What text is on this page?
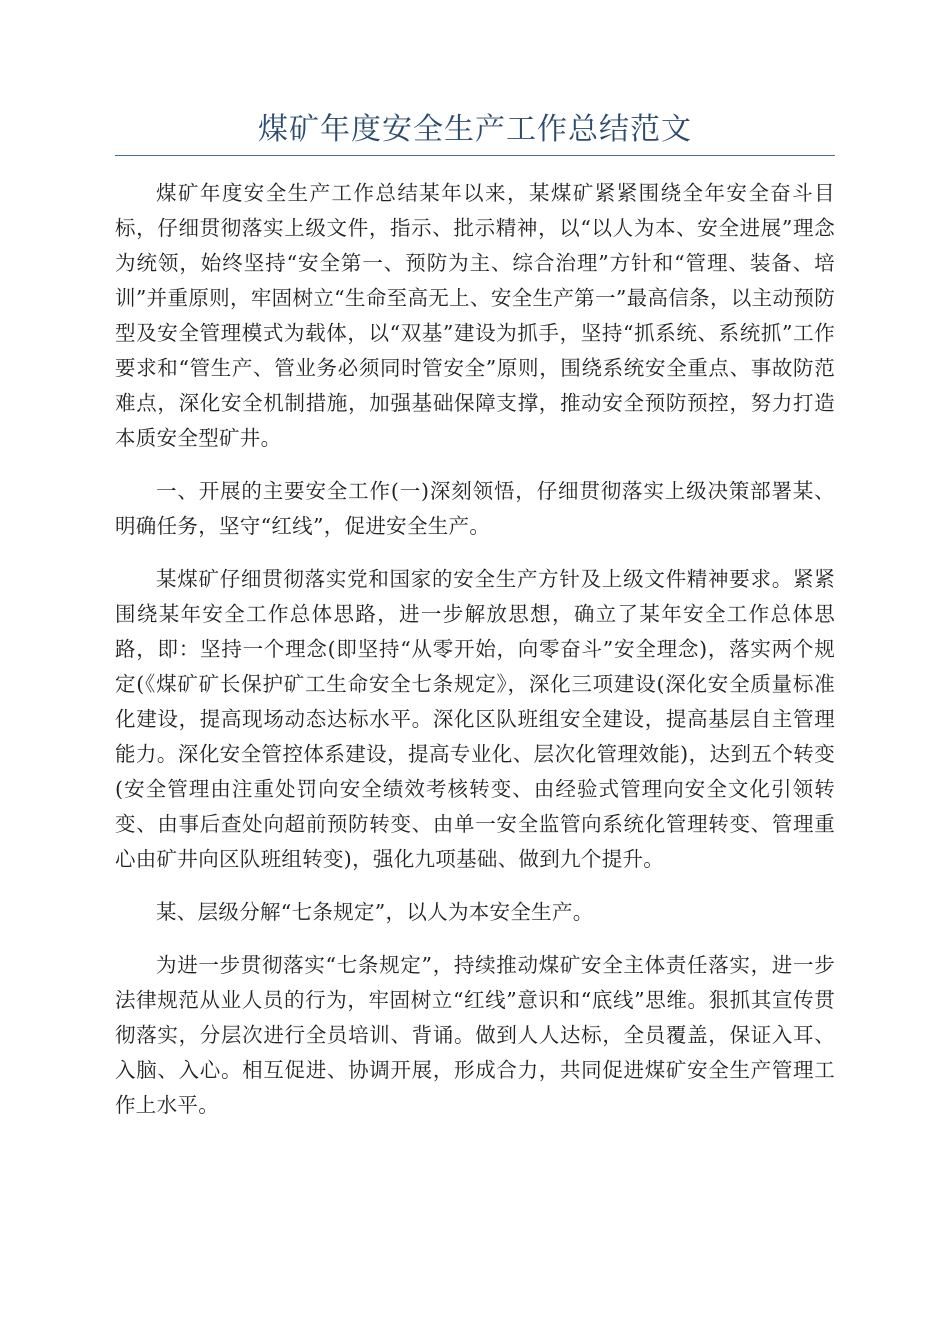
煤矿年度安全生产工作总结范文

煤矿年度安全生产工作总结某年以来，某煤矿紧紧围绕全年安全奋斗目标，仔细贯彻落实上级文件，指示、批示精神，以“以人为本、安全进展”理念为统领，始终坚持“安全第一、预防为主、综合治理”方针和“管理、装备、培训”并重原则，牢固树立“生命至高无上、安全生产第一”最高信条，以主动预防型及安全管理模式为载体，以“双基”建设为抓手，坚持“抓系统、系统抓”工作要求和“管生产、管业务必须同时管安全”原则，围绕系统安全重点、事故防范难点，深化安全机制措施，加强基础保障支撑，推动安全预防预控，努力打造本质安全型矿井。

一、开展的主要安全工作(一)深刻领悟，仔细贯彻落实上级决策部署某、明确任务，坚守“红线”，促进安全生产。

某煤矿仔细贯彻落实党和国家的安全生产方针及上级文件精神要求。紧紧围绕某年安全工作总体思路，进一步解放思想，确立了某年安全工作总体思路，即：坚持一个理念(即坚持“从零开始，向零奋斗”安全理念)，落实两个规定(《煤矿矿长保护矿工生命安全七条规定》，深化三项建设(深化安全质量标准化建设，提高现场动态达标水平。深化区队班组安全建设，提高基层自主管理能力。深化安全管控体系建设，提高专业化、层次化管理效能)，达到五个转变(安全管理由注重处罚向安全绩效考核转变、由经验式管理向安全文化引领转变、由事后查处向超前预防转变、由单一安全监管向系统化管理转变、管理重心由矿井向区队班组转变)，强化九项基础、做到九个提升。

某、层级分解“七条规定”，以人为本安全生产。

为进一步贯彻落实“七条规定”，持续推动煤矿安全主体责任落实，进一步法律规范从业人员的行为，牢固树立“红线”意识和“底线”思维。狠抓其宣传贯彻落实，分层次进行全员培训、背诵。做到人人达标，全员覆盖，保证入耳、入脑、入心。相互促进、协调开展，形成合力，共同促进煤矿安全生产管理工作上水平。
